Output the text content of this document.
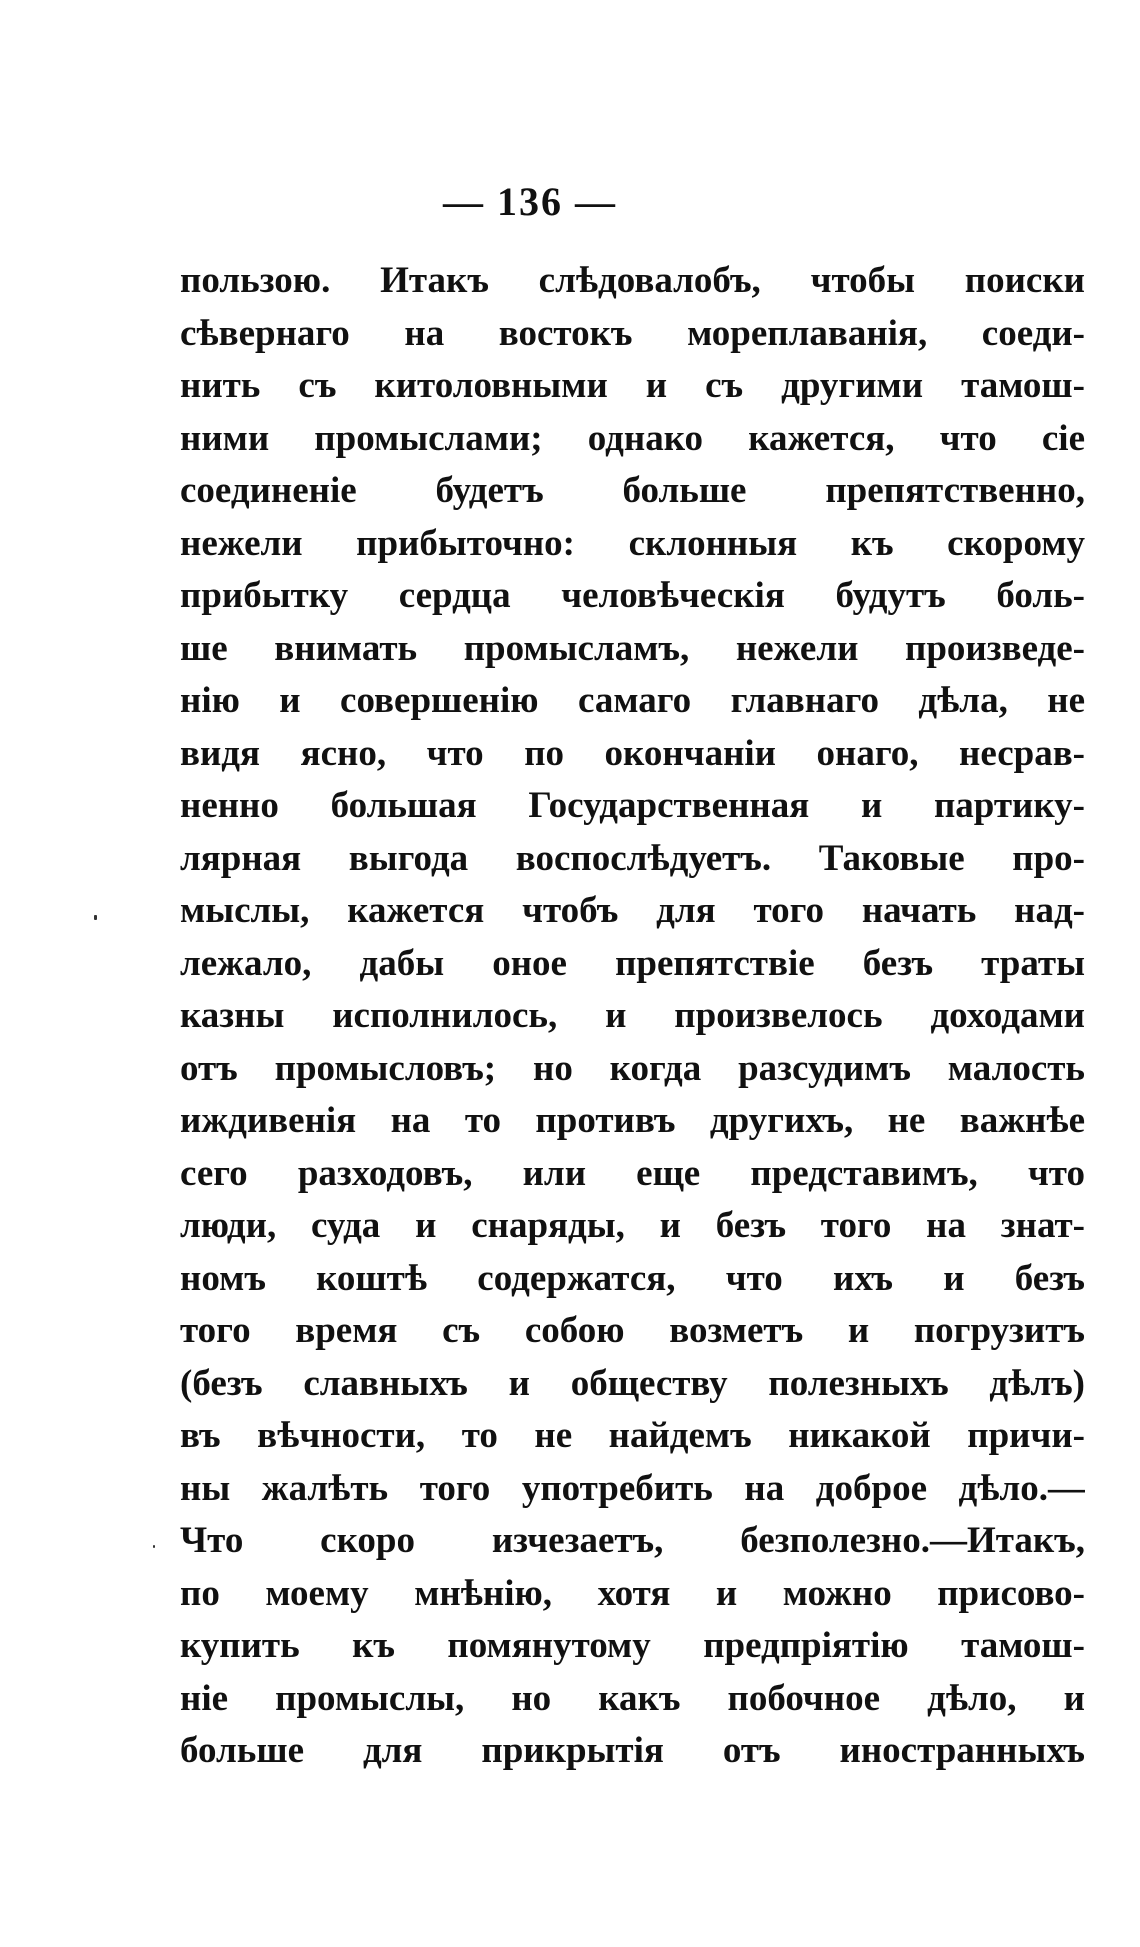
— 136 —
пользою. Итакъ слѣдовалобъ, чтобы поиски
сѣвернаго на востокъ мореплаванія, соеди-
нить съ китоловными и съ другими тамош-
ними промыслами; однако кажется, что сіе
соединеніе будетъ больше препятственно,
нежели прибыточно: склонныя къ скорому
прибытку сердца человѣческія будутъ боль-
ше внимать промысламъ, нежели произведе-
нію и совершенію самаго главнаго дѣла, не
видя ясно, что по окончаніи онаго, несрав-
ненно большая Государственная и партику-
лярная выгода воспослѣдуетъ. Таковые про-
мыслы, кажется чтобъ для того начать над-
лежало, дабы оное препятствіе безъ траты
казны исполнилось, и произвелось доходами
отъ промысловъ; но когда разсудимъ малость
иждивенія на то противъ другихъ, не важнѣе
сего разходовъ, или еще представимъ, что
люди, суда и снаряды, и безъ того на знат-
номъ коштѣ содержатся, что ихъ и безъ
того время съ собою возметъ и погрузитъ
(безъ славныхъ и обществу полезныхъ дѣлъ)
въ вѣчности, то не найдемъ никакой причи-
ны жалѣть того употребить на доброе дѣло.—
Что скоро изчезаетъ, безполезно.—Итакъ,
по моему мнѣнію, хотя и можно присово-
купить къ помянутому предпріятію тамош-
ніе промыслы, но какъ побочное дѣло, и
больше для прикрытія отъ иностранныхъ
